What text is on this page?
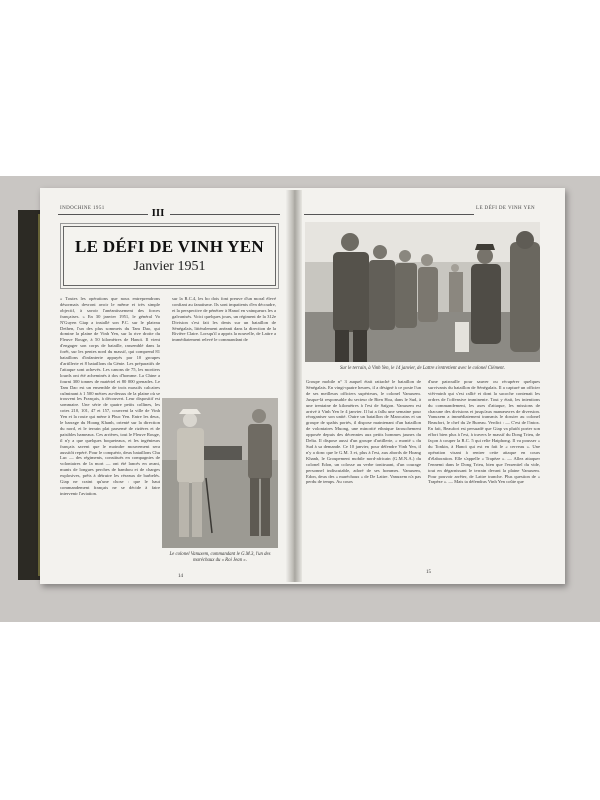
INDOCHINE 1951	III
LE DÉFI DE VINH YEN
Janvier 1951
« Toutes les opérations que nous entreprendrons désormais devront avoir le même et très simple objectif, à savoir l'anéantissement des forces françaises. » En 30 janvier 1951, le général Vo N'Guyen Giap a installé son P.C. sur le plateau Dethen, l'un des plus sommets du Tam Dao, qui domine la plaine de Vinh Yen, sur la rive droite du Fleuve Rouge, à 50 kilomètres de Hanoï. Il vient d'engager son corps de bataille, rassemblé dans la forêt, sur les pentes nord du massif, qui comprend 81 bataillons d'infanterie appuyés par 10 groupes d'artillerie et 8 bataillons du Génie. Les préparatifs de l'attaque sont achevés. Les canons de 75, les mortiers lourds ont été acheminés à dos d'homme. La Chine a fourni 300 tonnes de matériel et 80 000 grenades. Le Tam Dao est un ensemble de trois massifs calcaires culminant à 1 500 mètres au-dessus de la plaine où se trouvent les Français, à découvert. Leur dispositif est sommaire. Une série de quatre petits collines, les cotes 210, 101, 47 et 157, couvrent la ville de Vinh Yen et la route qui mène à Phuc Yen. Entre les deux, le barrage du Hoang Khanh, orienté sur la direction du nord, et le terrain plat parsemé de rizières et de paisibles hameaux. Ces arrières, tout le Fleuve Rouge, il n'y a que quelques boqueteaux, et les ingénieurs français savent que le moindre mouvement sera aussitôt repéré. Pour le conquérir, deux bataillons Chu Luc — des régiments, constitués en compagnies de volontaires de la mort — ont été lancés en avant, munis de longues perches de bambou et de charges explosives, prêts à détruire les réseaux de barbelés. Giap ne craint qu'une chose : que le haut commandement français ne se décide à faire intervenir l'aviation.
sur la R.C.4, les bo dois font preuve d'un moral élevé confiant au fanatisme. Ils sont impatients d'en découdre, et la perspective de pénétrer à Hanoï en vainqueurs les a galvanisés. Voici quelques jours, un régiment de la 312e Division s'est fait les dents sur un bataillon de Sénégalais, littéralement anéanti dans la direction de la Rivière Claire. Lorsqu'il a appris la nouvelle, de Lattre a immédiatement relevé le commandant de
Le colonel Vanuxem, commandant le G.M.3, l'un des maréchaux du « Roi Jean ».
14
LE DÉFI DE VINH YEN
Sur le terrain, à Vinh Yen, le 14 janvier, de Lattre s'entretient avec le colonel Clément.
Groupe mobile n° 3 auquel était rattaché le bataillon de Sénégalais. En vingt-quatre heures, il a désigné à ce poste l'un de ses meilleurs officiers supérieurs, le colonel Vanuxem. Jusque-là responsable du secteur de Bien Hoa, dans le Sud, à une trentaine de kilomètres à l'est de Saïgon. Vanuxem est arrivé à Vinh Yen le 4 janvier. Il lui a fallu une semaine pour réorganiser son unité. Outre un bataillon de Marocains et un groupe de spahis portés, il dispose maintenant d'un bataillon de volontaires Muong, une minorité ethnique farouchement opposée depuis des décennies aux petits hommes jaunes du Delta. Il dispose aussi d'un groupe d'artillerie, « monté » du Sud à sa demande. Ce 10 janvier, pour défendre Vinh Yen, il n'y a donc que le G.M. 3 et, plus à l'est, aux abords de Hoang Khanh, le Groupement mobile nord-africain (G.M.N.A.) du colonel Edon, un colosse au verbe tonitruant, d'un courage personnel indiscutable, adoré de ses hommes. Vanuxem, Edon, deux des « maréchaux » de De Lattre. Vanuxem n'a pas perdu de temps. Au cours
d'une patrouille pour sauver ou récupérer quelques survivants du bataillon de Sénégalais. Il a capturé un officier viêt-minh qui s'est rallié et dont la sacoche contenait les ordres de l'offensive imminente. Tout y était, les intentions du commandement, les axes d'attaque, les missions de chacune des divisions et jusqu'aux manœuvres de diversion. Vanuxem a immédiatement transmis le dossier au colonel Beaufort, le chef du 2e Bureau. Verdict : — C'est de l'intox. En fait, Beaufort est persuadé que Giap va plutôt porter son effort bien plus à l'est, à travers le massif du Dong Trieu, de façon à couper la R.C. 5 qui relie Haiphong. Il va pousser « du Tonkin, à Hanoï qui est en fait le « cerveau ». Une opération visant à rentrer cette attaque en cours d'élaboration. Elle s'appelle « Trapèze ». — Allez attaquer l'ennemi dans le Dong Trieu, bien que l'essentiel du vide, tout en dégarnissant le terrain devant la plaine Vanuxem. Pour pouvoir arrêter, de Lattre tranche. Plus question de « Trapèze ». — Mais ta défendras Vinh Yen coûte que
15
